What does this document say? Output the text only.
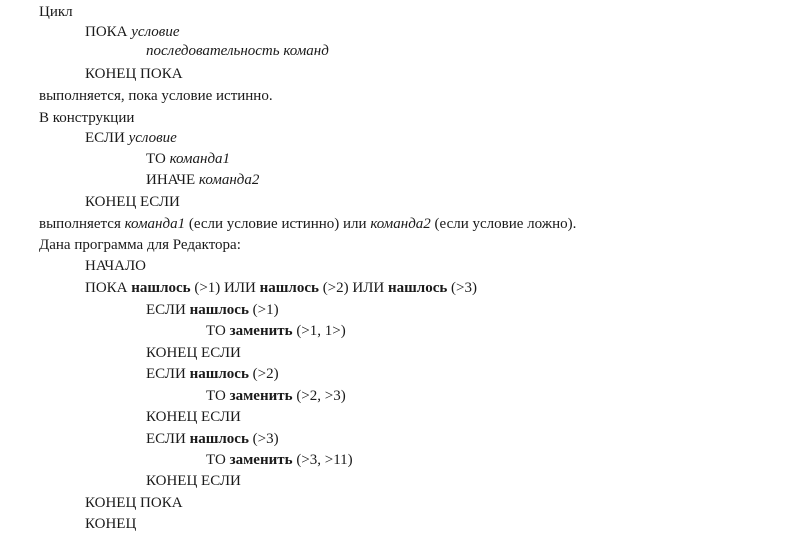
Цикл
ПОКА условие
последовательность команд
КОНЕЦ ПОКА
выполняется, пока условие истинно.
В конструкции
ЕСЛИ условие
ТО команда1
ИНАЧЕ команда2
КОНЕЦ ЕСЛИ
выполняется команда1 (если условие истинно) или команда2 (если условие ложно).
Дана программа для Редактора:
НАЧАЛО
ПОКА нашлось (>1) ИЛИ нашлось (>2) ИЛИ нашлось (>3)
ЕСЛИ нашлось (>1)
ТО заменить (>1, 1>)
КОНЕЦ ЕСЛИ
ЕСЛИ нашлось (>2)
ТО заменить (>2, >3)
КОНЕЦ ЕСЛИ
ЕСЛИ нашлось (>3)
ТО заменить (>3, >11)
КОНЕЦ ЕСЛИ
КОНЕЦ ПОКА
КОНЕЦ
